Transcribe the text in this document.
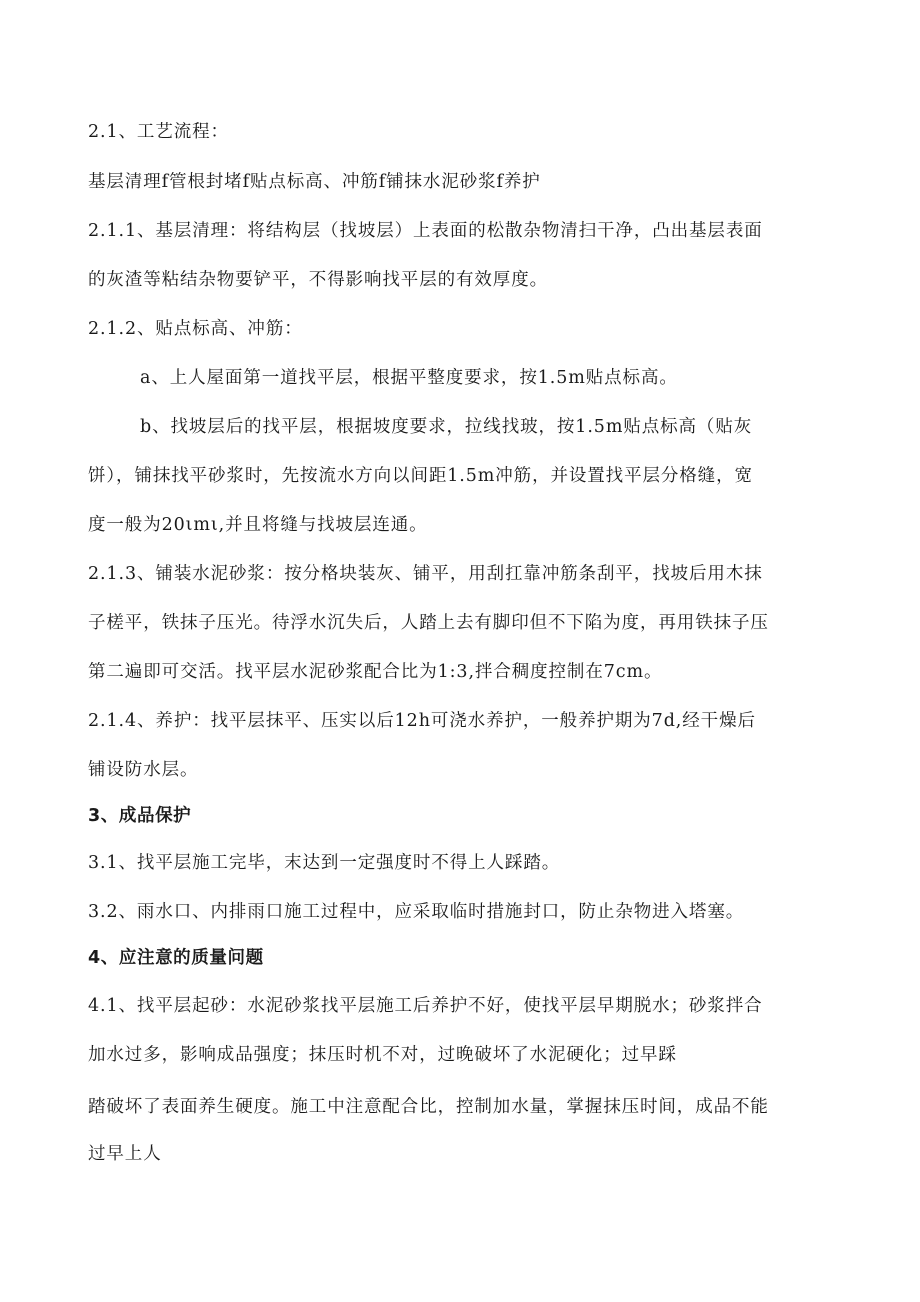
2.1、工艺流程：
基层清理f管根封堵f贴点标高、冲筋f铺抹水泥砂浆f养护
2.1.1、基层清理：将结构层（找坡层）上表面的松散杂物清扫干净，凸出基层表面
的灰渣等粘结杂物要铲平，不得影响找平层的有效厚度。
2.1.2、贴点标高、冲筋：
a、上人屋面第一道找平层，根据平整度要求，按1.5m贴点标高。
b、找坡层后的找平层，根据坡度要求，拉线找玻，按1.5m贴点标高（贴灰
饼），铺抹找平砂浆时，先按流水方向以间距1.5m冲筋，并设置找平层分格缝，宽
度一般为20ιmι,并且将缝与找坡层连通。
2.1.3、铺装水泥砂浆：按分格块装灰、铺平，用刮扛靠冲筋条刮平，找坡后用木抹
子槎平，铁抹子压光。待浮水沉失后，人踏上去有脚印但不下陷为度，再用铁抹子压
第二遍即可交活。找平层水泥砂浆配合比为1:3,拌合稠度控制在7cm。
2.1.4、养护：找平层抹平、压实以后12h可浇水养护，一般养护期为7d,经干燥后
铺设防水层。
3、成品保护
3.1、找平层施工完毕，末达到一定强度时不得上人踩踏。
3.2、雨水口、内排雨口施工过程中，应采取临时措施封口，防止杂物进入塔塞。
4、应注意的质量问题
4.1、找平层起砂：水泥砂浆找平层施工后养护不好，使找平层早期脱水；砂浆拌合
加水过多，影响成品强度；抹压时机不对，过晚破坏了水泥硬化；过早踩
踏破坏了表面养生硬度。施工中注意配合比，控制加水量，掌握抹压时间，成品不能
过早上人
